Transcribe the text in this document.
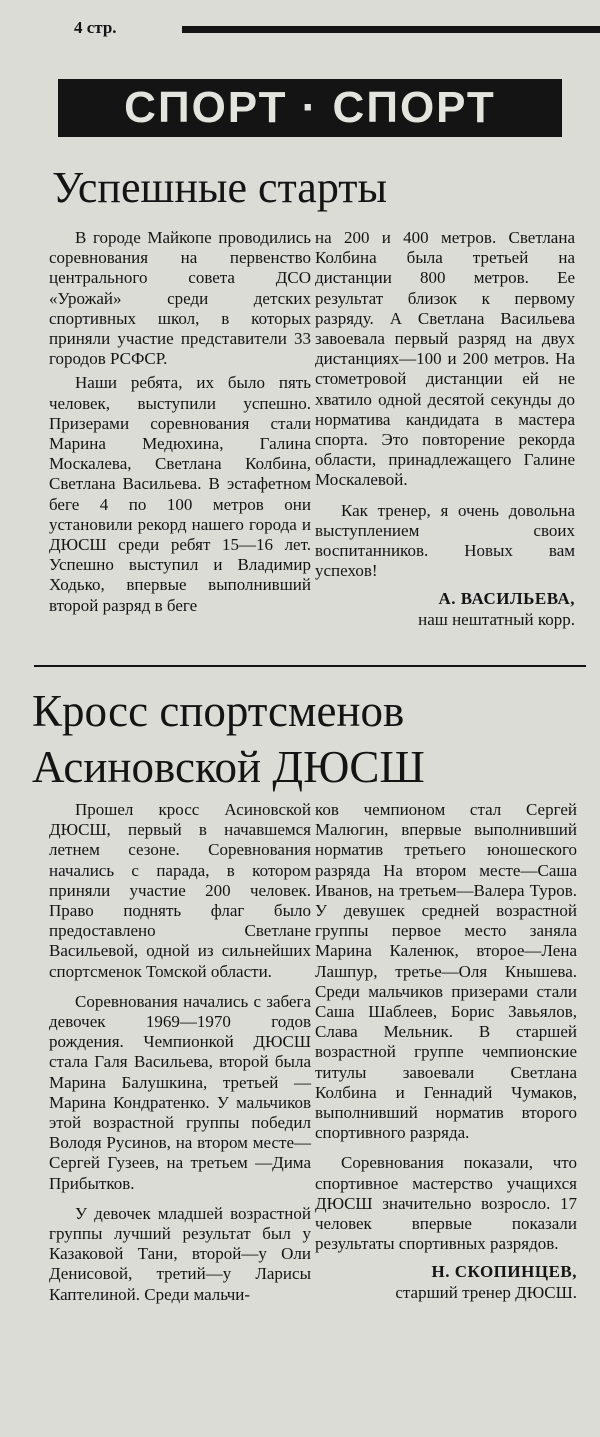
4 стр.
СПОРТ · СПОРТ
Успешные старты

В городе Майкопе проводились соревнования на первенство центрального совета ДСО «Урожай» среди детских спортивных школ, в которых приняли участие представители 33 городов РСФСР.

Наши ребята, их было пять человек, выступили успешно. Призерами соревнования стали Марина Медюхина, Галина Москалева, Светлана Колбина, Светлана Васильева. В эстафетном беге 4 по 100 метров они установили рекорд нашего города и ДЮСШ среди ребят 15—16 лет. Успешно выступил и Владимир Ходько, впервые выполнивший второй разряд в беге

на 200 и 400 метров. Светлана Колбина была третьей на дистанции 800 метров. Ее результат близок к первому разряду. А Светлана Васильева завоевала первый разряд на двух дистанциях—100 и 200 метров. На стометровой дистанции ей не хватило одной десятой секунды до норматива кандидата в мастера спорта. Это повторение рекорда области, принадлежащего Галине Москалевой.

Как тренер, я очень довольна выступлением своих воспитанников. Новых вам успехов!

А. ВАСИЛЬЕВА,

наш нештатный корр.

Кросс спортсменов Асиновской ДЮСШ

Прошел кросс Асиновской ДЮСШ, первый в начавшемся летнем сезоне. Соревнования начались с парада, в котором приняли участие 200 человек. Право поднять флаг было предоставлено Светлане Васильевой, одной из сильнейших спортсменок Томской области.

Соревнования начались с забега девочек 1969—1970 годов рождения. Чемпионкой ДЮСШ стала Галя Васильева, второй была Марина Балушкина, третьей —Марина Кондратенко. У мальчиков этой возрастной группы победил Володя Русинов, на втором месте—Сергей Гузеев, на третьем —Дима Прибытков.

У девочек младшей возрастной группы лучший результат был у Казаковой Тани, второй—у Оли Денисовой, третий—у Ларисы Каптелиной. Среди мальчи-

ков чемпионом стал Сергей Малюгин, впервые выполнивший норматив третьего юношеского разряда На втором месте—Саша Иванов, на третьем—Валера Туров. У девушек средней возрастной группы первое место заняла Марина Каленюк, второе—Лена Лашпур, третье—Оля Кнышева. Среди мальчиков призерами стали Саша Шаблеев, Борис Завьялов, Слава Мельник. В старшей возрастной группе чемпионские титулы завоевали Светлана Колбина и Геннадий Чумаков, выполнивший норматив второго спортивного разряда.

Соревнования показали, что спортивное мастерство учащихся ДЮСШ значительно возросло. 17 человек впервые показали результаты спортивных разрядов.

Н. СКОПИНЦЕВ,

старший тренер ДЮСШ.
